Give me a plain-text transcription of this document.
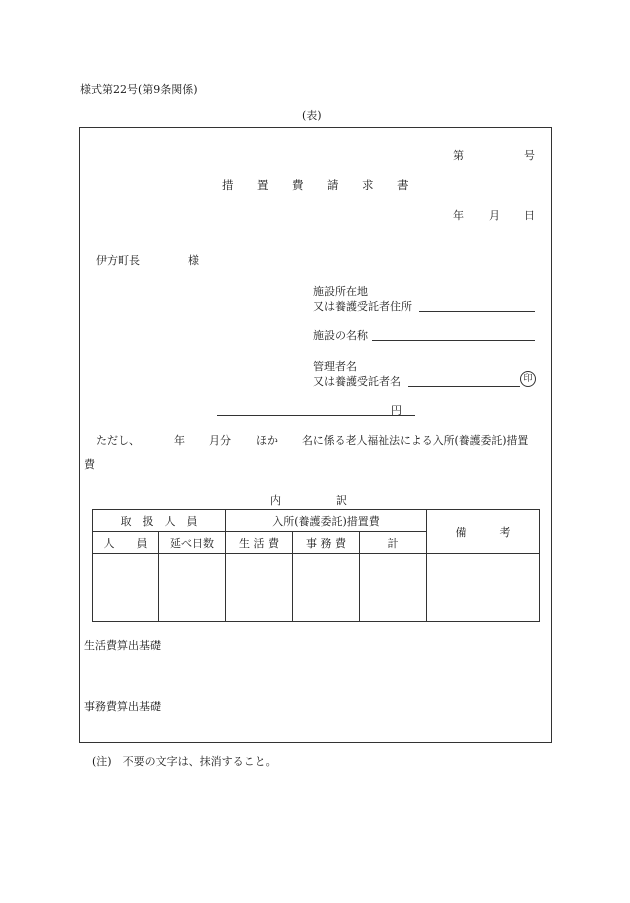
様式第22号(第9条関係)
(表)
第	号
措　置　費　請　求　書
年 月 日
伊方町長	様
施設所在地
又は養護受託者住所
施設の名称
管理者名
又は養護受託者名	印
円
ただし、	年 月分 ほか 名に係る老人福祉法による入所(養護委託)措置
費
内　　　　　訳
取　扱　人　員		入所(養護委託)措置費			備　　　考
人　　員	延べ日数	生 活 費	事 務 費	計	

生活費算出基礎
事務費算出基礎
(注)　不要の文字は、抹消すること。
